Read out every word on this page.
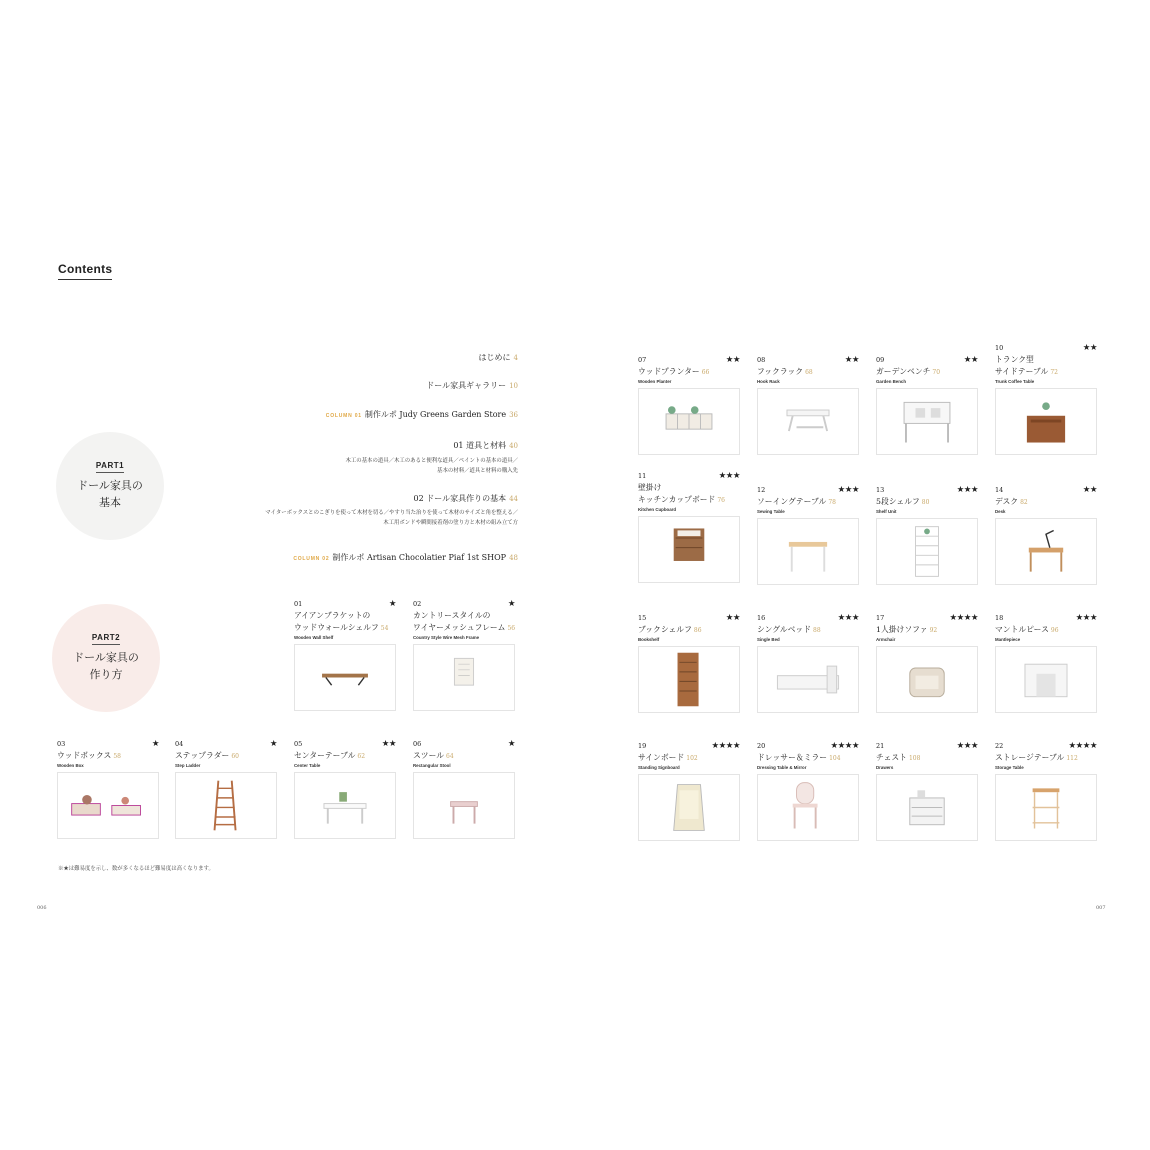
Contents
はじめに 4
ドール家具ギャラリー 10
COLUMN 01 制作ルポ Judy Greens Garden Store 36
01 道具と材料 40
木工の基本の道具／木工のあると便利な道具／ペイントの基本の道具／
基本の材料／道具と材料の購入先
02 ドール家具作りの基本 44
マイターボックスとのこぎりを使って木材を切る／やすり当た治りを使って木材のサイズと角を整える／
木工用ボンドや瞬間接着剤の塗り方と木材の組み立て方
COLUMN 02 制作ルポ Artisan Chocolatier Piaf 1st SHOP 48
PART1
ドール家具の
基本
PART2
ドール家具の
作り方
01	★
アイアンブラケットの
ウッドウォールシェルフ 54
Wooden Wall Shelf
02	★
カントリースタイルの
ワイヤーメッシュフレーム 56
Country Style Wire Mesh Frame
03	★
ウッドボックス 58
Wooden Box
04	★
ステップラダー 60
Step Ladder
05	★★
センターテーブル 62
Center Table
06	★
スツール 64
Rectangular Stool
07	★★
ウッドプランター 66
Wooden Planter
08	★★
フックラック 68
Hook Rack
09	★★
ガーデンベンチ 70
Garden Bench
10	★★
トランク型
サイドテーブル 72
Trunk Coffee Table
11	★★★
壁掛け
キッチンカップボード 76
Kitchen Cupboard
12	★★★
ソーイングテーブル 78
Sewing Table
13	★★★
5段シェルフ 80
Shelf Unit
14	★★
デスク 82
Desk
15	★★
ブックシェルフ 86
Bookshelf
16	★★★
シングルベッド 88
Single Bed
17	★★★★
1人掛けソファ 92
Armchair
18	★★★
マントルピース 96
Mantlepiece
19	★★★★
サインボード 102
Standing Signboard
20	★★★★
ドレッサー＆ミラー 104
Dressing Table & Mirror
21	★★★
チェスト 108
Drawers
22	★★★★
ストレージテーブル 112
Storage Table
※★は難易度を示し、数が多くなるほど難易度は高くなります。
006	007
